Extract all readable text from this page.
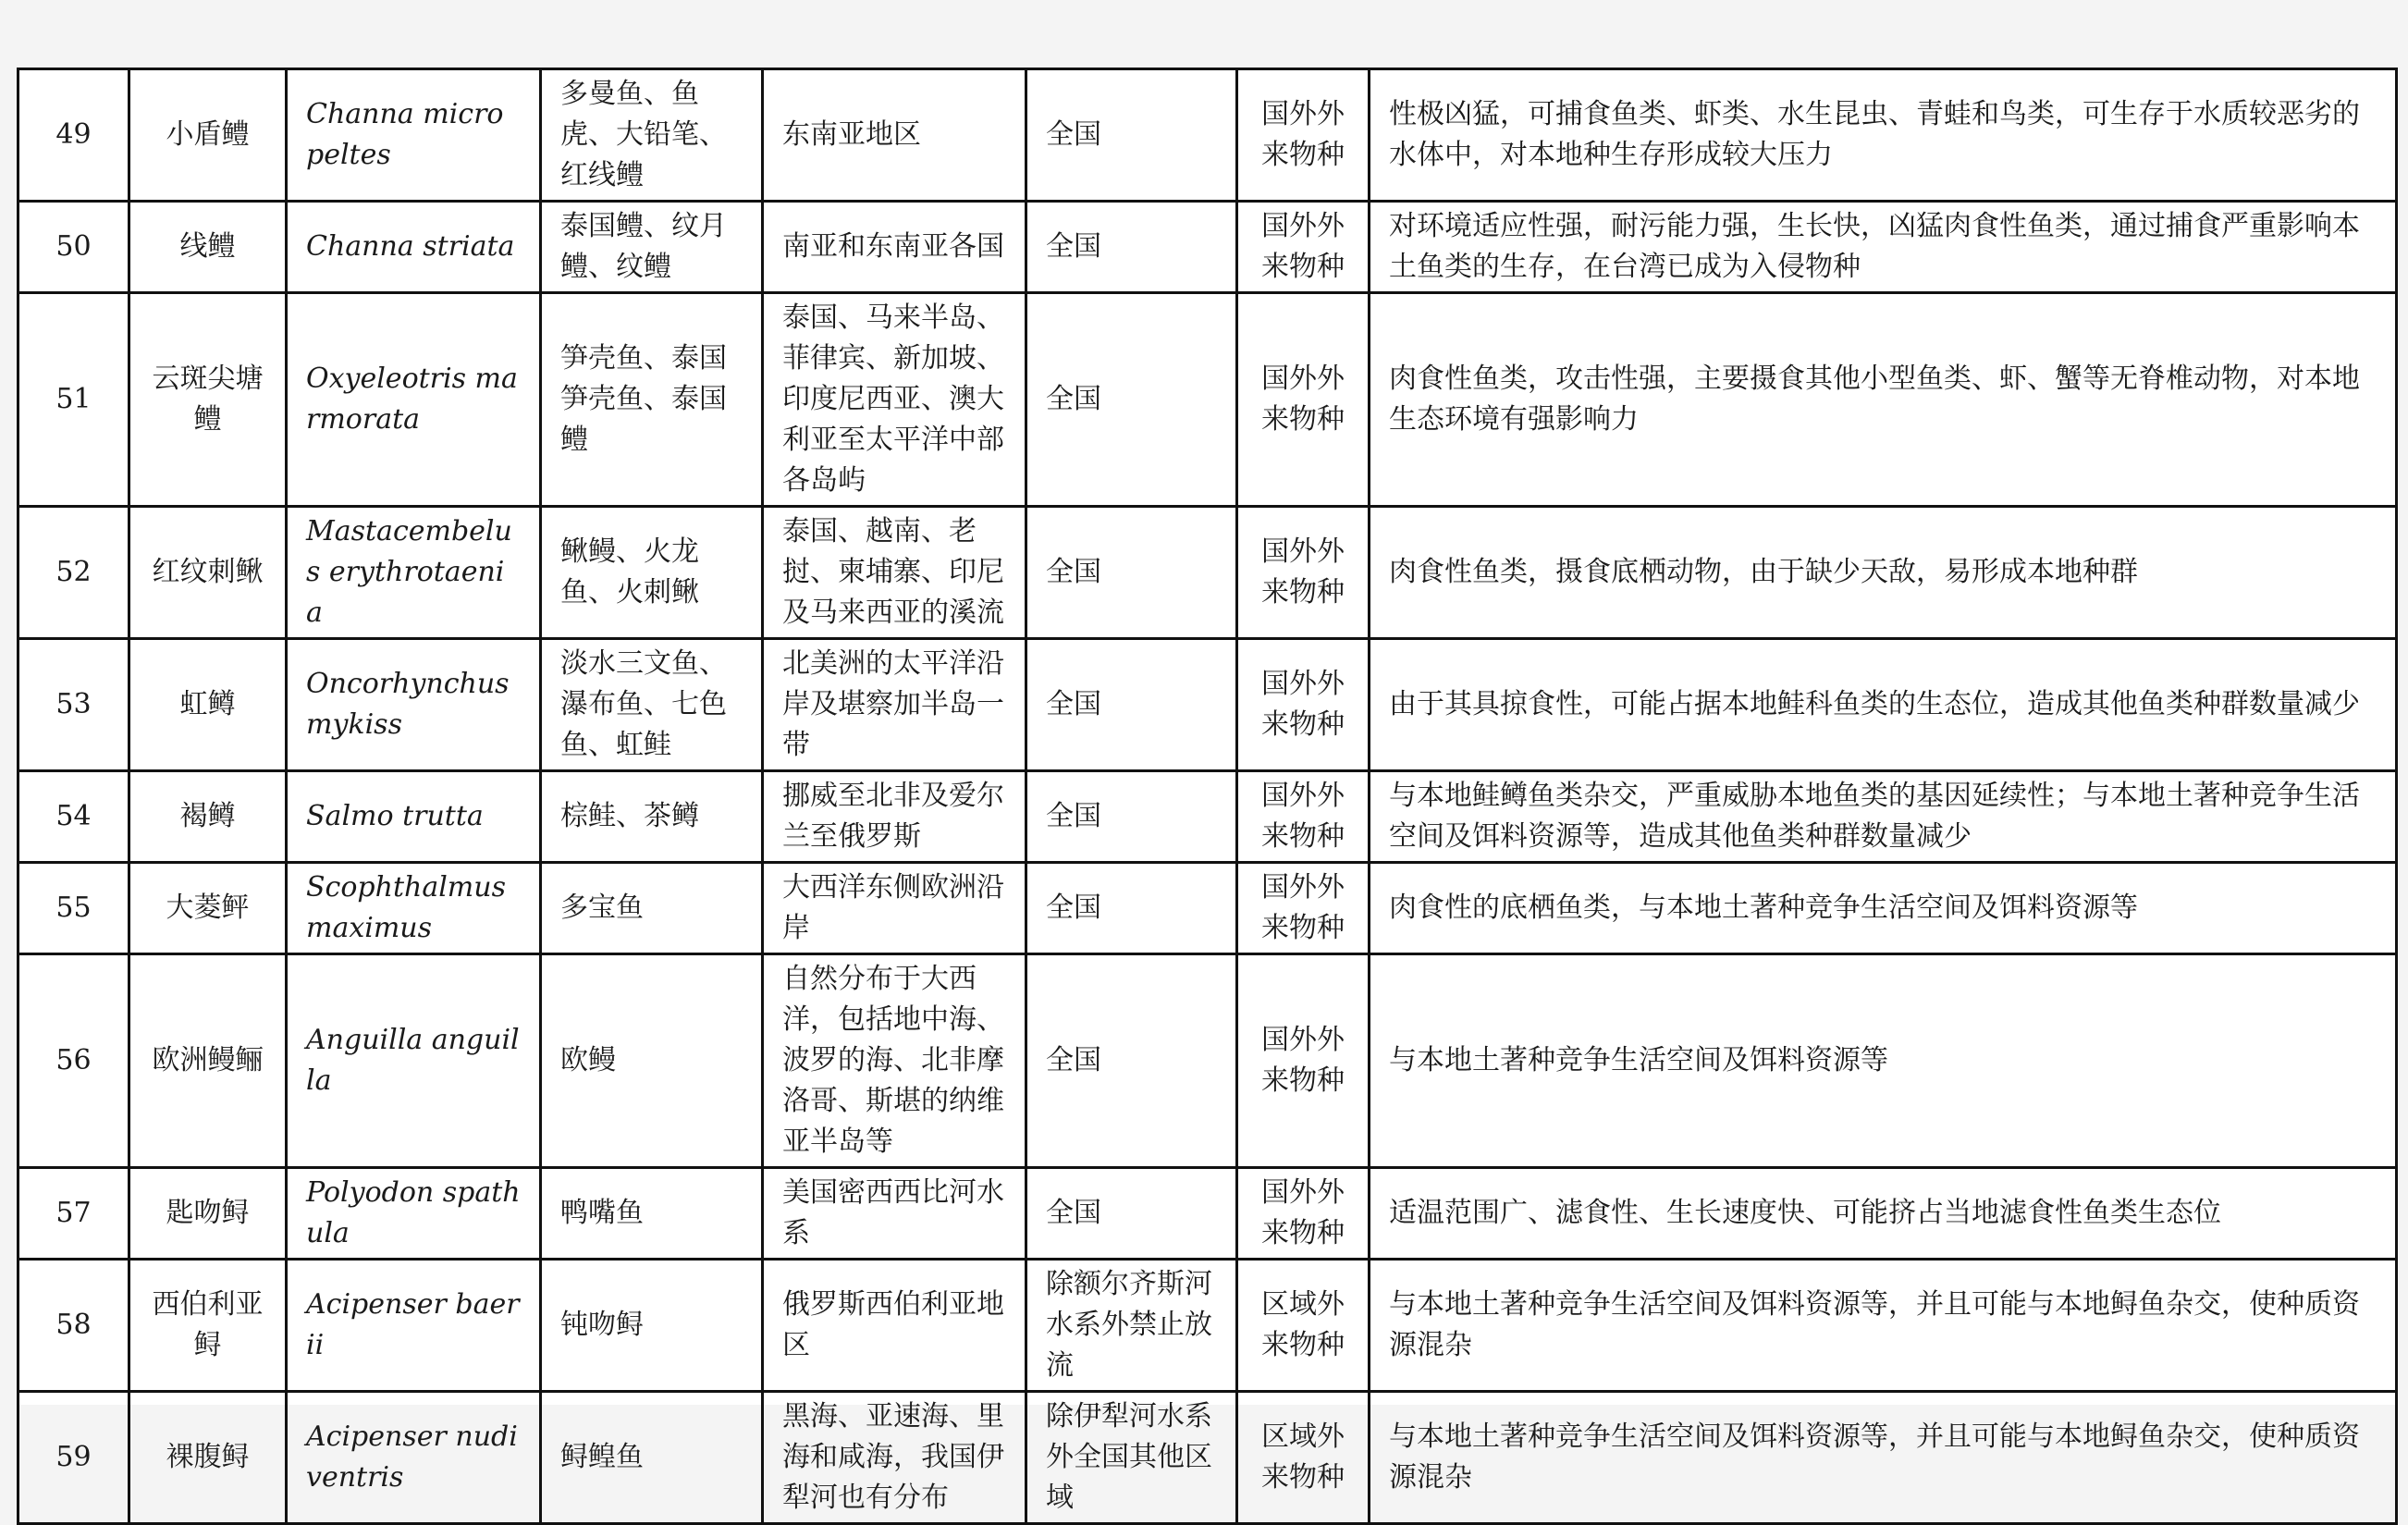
49	小盾鳢	Channa micropeltes	多曼鱼、鱼虎、大铅笔、红线鳢	东南亚地区	全国	国外外来物种	性极凶猛，可捕食鱼类、虾类、水生昆虫、青蛙和鸟类，可生存于水质较恶劣的水体中，对本地种生存形成较大压力
50	线鳢	Channa striata	泰国鳢、纹月鳢、纹鳢	南亚和东南亚各国	全国	国外外来物种	对环境适应性强，耐污能力强，生长快，凶猛肉食性鱼类，通过捕食严重影响本土鱼类的生存，在台湾已成为入侵物种
51	云斑尖塘鳢	Oxyeleotris marmorata	笋壳鱼、泰国笋壳鱼、泰国鳢	泰国、马来半岛、菲律宾、新加坡、印度尼西亚、澳大利亚至太平洋中部各岛屿	全国	国外外来物种	肉食性鱼类，攻击性强，主要摄食其他小型鱼类、虾、蟹等无脊椎动物，对本地生态环境有强影响力
52	红纹刺鳅	Mastacembelus erythrotaenia	鳅鳗、火龙鱼、火刺鳅	泰国、越南、老挝、柬埔寨、印尼及马来西亚的溪流	全国	国外外来物种	肉食性鱼类，摄食底栖动物，由于缺少天敌，易形成本地种群
53	虹鳟	Oncorhynchus mykiss	淡水三文鱼、瀑布鱼、七色鱼、虹鲑	北美洲的太平洋沿岸及堪察加半岛一带	全国	国外外来物种	由于其具掠食性，可能占据本地鲑科鱼类的生态位，造成其他鱼类种群数量减少
54	褐鳟	Salmo trutta	棕鲑、茶鳟	挪威至北非及爱尔兰至俄罗斯	全国	国外外来物种	与本地鲑鳟鱼类杂交，严重威胁本地鱼类的基因延续性；与本地土著种竞争生活空间及饵料资源等，造成其他鱼类种群数量减少
55	大菱鲆	Scophthalmus maximus	多宝鱼	大西洋东侧欧洲沿岸	全国	国外外来物种	肉食性的底栖鱼类，与本地土著种竞争生活空间及饵料资源等
56	欧洲鳗鲡	Anguilla anguilla	欧鳗	自然分布于大西洋，包括地中海、波罗的海、北非摩洛哥、斯堪的纳维亚半岛等	全国	国外外来物种	与本地土著种竞争生活空间及饵料资源等
57	匙吻鲟	Polyodon spathula	鸭嘴鱼	美国密西西比河水系	全国	国外外来物种	适温范围广、滤食性、生长速度快、可能挤占当地滤食性鱼类生态位
58	西伯利亚鲟	Acipenser baerii	钝吻鲟	俄罗斯西伯利亚地区	除额尔齐斯河水系外禁止放流	区域外来物种	与本地土著种竞争生活空间及饵料资源等，并且可能与本地鲟鱼杂交，使种质资源混杂
59	裸腹鲟	Acipenser nudiventris	鲟鳇鱼	黑海、亚速海、里海和咸海，我国伊犁河也有分布	除伊犁河水系外全国其他区域	区域外来物种	与本地土著种竞争生活空间及饵料资源等，并且可能与本地鲟鱼杂交，使种质资源混杂
